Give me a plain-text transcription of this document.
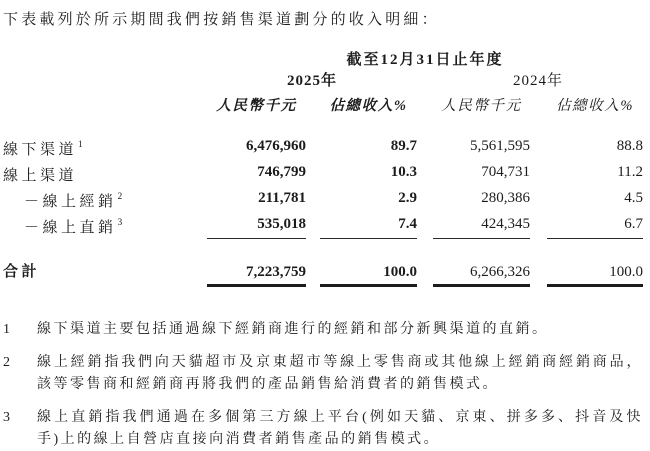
下表載列於所示期間我們按銷售渠道劃分的收入明細：

截至12月31日止年度
2025年	2024年
人民幣千元	佔總收入%	人民幣千元	佔總收入%
線下渠道$^1$	6,476,960	89.7	5,561,595	88.8
線上渠道	746,799	10.3	704,731	11.2
－線上經銷$^2$	211,781	2.9	280,386	4.5
－線上直銷$^3$	535,018	7.4	424,345	6.7
合計	7,223,759	100.0	6,266,326	100.0
1	線下渠道主要包括通過線下經銷商進行的經銷和部分新興渠道的直銷。
2	線上經銷指我們向天貓超市及京東超市等線上零售商或其他線上經銷商經銷商品，該等零售商和經銷商再將我們的產品銷售給消費者的銷售模式。
3	線上直銷指我們通過在多個第三方線上平台(例如天貓、京東、拼多多、抖音及快手)上的線上自營店直接向消費者銷售產品的銷售模式。
